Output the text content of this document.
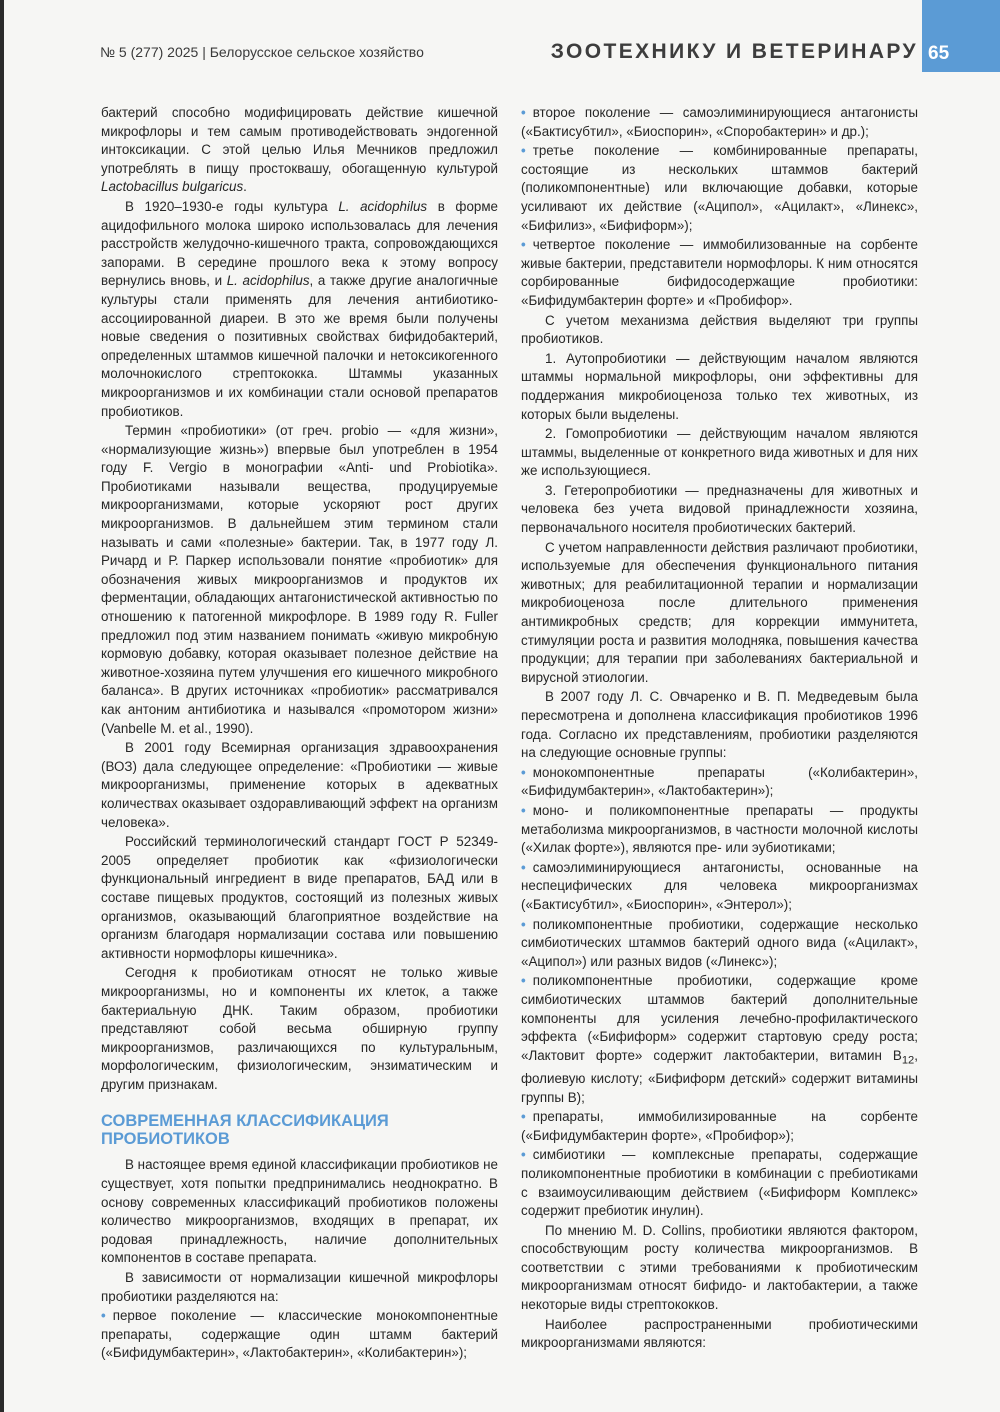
№ 5 (277) 2025 | Белорусское сельское хозяйство	ЗООТЕХНИКУ И ВЕТЕРИНАРУ 65

бактерий способно модифицировать действие кишечной микрофлоры и тем самым противодействовать эндогенной интоксикации. С этой целью Илья Мечников предложил употреблять в пищу простоквашу, обогащенную культурой Lactobacillus bulgaricus.

В 1920–1930-е годы культура L. acidophilus в форме ацидофильного молока широко использовалась для лечения расстройств желудочно-кишечного тракта, сопровождающихся запорами. В середине прошлого века к этому вопросу вернулись вновь, и L. acidophilus, а также другие аналогичные культуры стали применять для лечения антибиотико-ассоциированной диареи. В это же время были получены новые сведения о позитивных свойствах бифидобактерий, определенных штаммов кишечной палочки и нетоксикогенного молочнокислого стрептококка. Штаммы указанных микроорганизмов и их комбинации стали основой препаратов пробиотиков.

Термин «пробиотики» (от греч. probio — «для жизни», «нормализующие жизнь») впервые был употреблен в 1954 году F. Vergio в монографии «Anti- und Probiotika». Пробиотиками называли вещества, продуцируемые микроорганизмами, которые ускоряют рост других микроорганизмов. В дальнейшем этим термином стали называть и сами «полезные» бактерии. Так, в 1977 году Л. Ричард и Р. Паркер использовали понятие «пробиотик» для обозначения живых микроорганизмов и продуктов их ферментации, обладающих антагонистической активностью по отношению к патогенной микрофлоре. В 1989 году R. Fuller предложил под этим названием понимать «живую микробную кормовую добавку, которая оказывает полезное действие на животное-хозяина путем улучшения его кишечного микробного баланса». В других источниках «пробиотик» рассматривался как антоним антибиотика и назывался «промотором жизни» (Vanbelle M. et al., 1990).

В 2001 году Всемирная организация здравоохранения (ВОЗ) дала следующее определение: «Пробиотики — живые микроорганизмы, применение которых в адекватных количествах оказывает оздоравливающий эффект на организм человека».

Российский терминологический стандарт ГОСТ Р 52349-2005 определяет пробиотик как «физиологически функциональный ингредиент в виде препаратов, БАД или в составе пищевых продуктов, состоящий из полезных живых организмов, оказывающий благоприятное воздействие на организм благодаря нормализации состава или повышению активности нормофлоры кишечника».

Сегодня к пробиотикам относят не только живые микроорганизмы, но и компоненты их клеток, а также бактериальную ДНК. Таким образом, пробиотики представляют собой весьма обширную группу микроорганизмов, различающихся по культуральным, морфологическим, физиологическим, энзиматическим и другим признакам.

СОВРЕМЕННАЯ КЛАССИФИКАЦИЯ ПРОБИОТИКОВ

В настоящее время единой классификации пробиотиков не существует, хотя попытки предпринимались неоднократно. В основу современных классификаций пробиотиков положены количество микроорганизмов, входящих в препарат, их родовая принадлежность, наличие дополнительных компонентов в составе препарата.

В зависимости от нормализации кишечной микрофлоры пробиотики разделяются на:

• первое поколение — классические монокомпонентные препараты, содержащие один штамм бактерий («Бифидумбактерин», «Лактобактерин», «Колибактерин»);

• второе поколение — самоэлиминирующиеся антагонисты («Бактисубтил», «Биоспорин», «Споробактерин» и др.);

• третье поколение — комбинированные препараты, состоящие из нескольких штаммов бактерий (поликомпонентные) или включающие добавки, которые усиливают их действие («Аципол», «Ацилакт», «Линекс», «Бифилиз», «Бифиформ»);

• четвертое поколение — иммобилизованные на сорбенте живые бактерии, представители нормофлоры. К ним относятся сорбированные бифидосодержащие пробиотики: «Бифидумбактерин форте» и «Пробифор».

С учетом механизма действия выделяют три группы пробиотиков.

1. Аутопробиотики — действующим началом являются штаммы нормальной микрофлоры, они эффективны для поддержания микробиоценоза только тех животных, из которых были выделены.

2. Гомопробиотики — действующим началом являются штаммы, выделенные от конкретного вида животных и для них же использующиеся.

3. Гетеропробиотики — предназначены для животных и человека без учета видовой принадлежности хозяина, первоначального носителя пробиотических бактерий.

С учетом направленности действия различают пробиотики, используемые для обеспечения функционального питания животных; для реабилитационной терапии и нормализации микробиоценоза после длительного применения антимикробных средств; для коррекции иммунитета, стимуляции роста и развития молодняка, повышения качества продукции; для терапии при заболеваниях бактериальной и вирусной этиологии.

В 2007 году Л. С. Овчаренко и В. П. Медведевым была пересмотрена и дополнена классификация пробиотиков 1996 года. Согласно их представлениям, пробиотики разделяются на следующие основные группы:

• монокомпонентные препараты («Колибактерин», «Бифидумбактерин», «Лактобактерин»);

• моно- и поликомпонентные препараты — продукты метаболизма микроорганизмов, в частности молочной кислоты («Хилак форте»), являются пре- или эубиотиками;

• самоэлиминирующиеся антагонисты, основанные на неспецифических для человека микроорганизмах («Бактисубтил», «Биоспорин», «Энтерол»);

• поликомпонентные пробиотики, содержащие несколько симбиотических штаммов бактерий одного вида («Ацилакт», «Аципол») или разных видов («Линекс»);

• поликомпонентные пробиотики, содержащие кроме симбиотических штаммов бактерий дополнительные компоненты для усиления лечебно-профилактического эффекта («Бифиформ» содержит стартовую среду роста; «Лактовит форте» содержит лактобактерии, витамин $B_{12}$, фолиевую кислоту; «Бифиформ детский» содержит витамины группы B);

• препараты, иммобилизированные на сорбенте («Бифидумбактерин форте», «Пробифор»);

• симбиотики — комплексные препараты, содержащие поликомпонентные пробиотики в комбинации с пребиотиками с взаимоусиливающим действием («Бифиформ Комплекс» содержит пребиотик инулин).

По мнению M. D. Collins, пробиотики являются фактором, способствующим росту количества микроорганизмов. В соответствии с этими требованиями к пробиотическим микроорганизмам относят бифидо- и лактобактерии, а также некоторые виды стрептококков.

Наиболее распространенными пробиотическими микроорганизмами являются:
